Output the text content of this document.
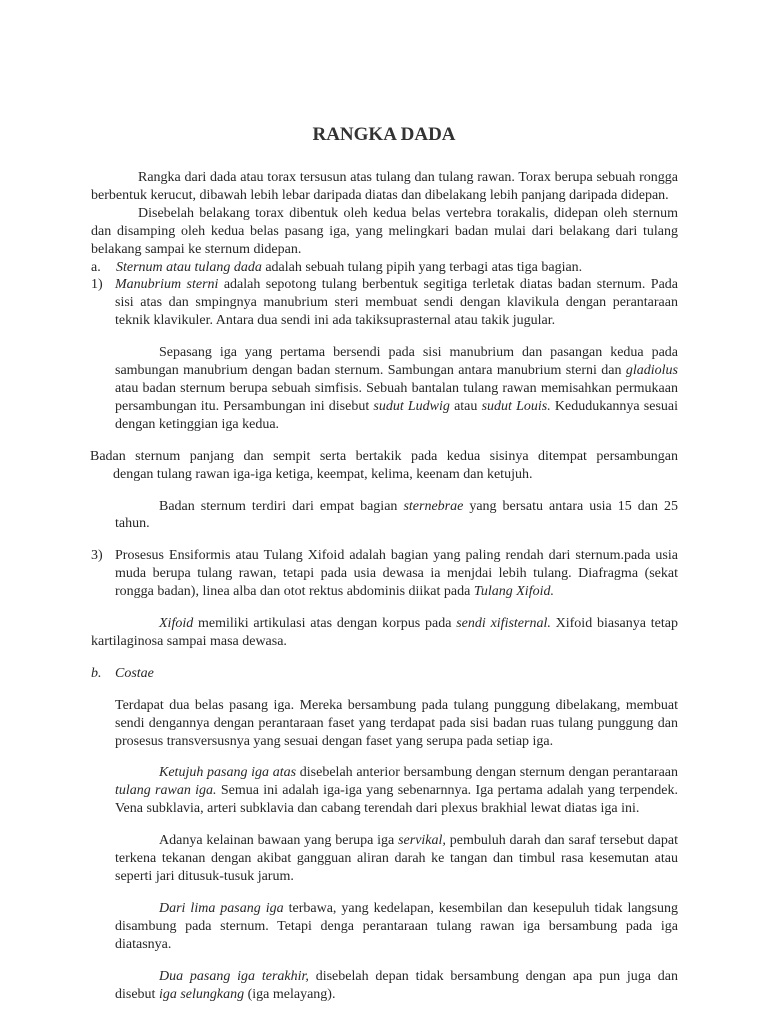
RANGKA DADA

Rangka dari dada atau torax tersusun atas tulang dan tulang rawan. Torax berupa sebuah rongga berbentuk kerucut, dibawah lebih lebar daripada diatas dan dibelakang lebih panjang daripada didepan.

Disebelah belakang torax dibentuk oleh kedua belas vertebra torakalis, didepan oleh sternum dan disamping oleh kedua belas pasang iga, yang melingkari badan mulai dari belakang dari tulang belakang sampai ke sternum didepan.

a. Sternum atau tulang dada adalah sebuah tulang pipih yang terbagi atas tiga bagian.
1) Manubrium sterni adalah sepotong tulang berbentuk segitiga terletak diatas badan sternum. Pada sisi atas dan smpingnya manubrium steri membuat sendi dengan klavikula dengan perantaraan teknik klavikuler. Antara dua sendi ini ada takiksuprasternal atau takik jugular.

Sepasang iga yang pertama bersendi pada sisi manubrium dan pasangan kedua pada sambungan manubrium dengan badan sternum. Sambungan antara manubrium sterni dan gladiolus atau badan sternum berupa sebuah simfisis. Sebuah bantalan tulang rawan memisahkan permukaan persambungan itu. Persambungan ini disebut sudut Ludwig atau sudut Louis. Kedudukannya sesuai dengan ketinggian iga kedua.

Badan sternum panjang dan sempit serta bertakik pada kedua sisinya ditempat persambungan
dengan tulang rawan iga-iga ketiga, keempat, kelima, keenam dan ketujuh.

Badan sternum terdiri dari empat bagian sternebrae yang bersatu antara usia 15 dan 25 tahun.

3) Prosesus Ensiformis atau Tulang Xifoid adalah bagian yang paling rendah dari sternum.pada usia muda berupa tulang rawan, tetapi pada usia dewasa ia menjdai lebih tulang. Diafragma (sekat rongga badan), linea alba dan otot rektus abdominis diikat pada Tulang Xifoid.

Xifoid memiliki artikulasi atas dengan korpus pada sendi xifisternal. Xifoid biasanya tetap kartilaginosa sampai masa dewasa.

b. Costae

Terdapat dua belas pasang iga. Mereka bersambung pada tulang punggung dibelakang, membuat sendi dengannya dengan perantaraan faset yang terdapat pada sisi badan ruas tulang punggung dan prosesus transversusnya yang sesuai dengan faset yang serupa pada setiap iga.

Ketujuh pasang iga atas disebelah anterior bersambung dengan sternum dengan perantaraan tulang rawan iga. Semua ini adalah iga-iga yang sebenarnnya. Iga pertama adalah yang terpendek. Vena subklavia, arteri subklavia dan cabang terendah dari plexus brakhial lewat diatas iga ini.

Adanya kelainan bawaan yang berupa iga servikal, pembuluh darah dan saraf tersebut dapat terkena tekanan dengan akibat gangguan aliran darah ke tangan dan timbul rasa kesemutan atau seperti jari ditusuk-tusuk jarum.

Dari lima pasang iga terbawa, yang kedelapan, kesembilan dan kesepuluh tidak langsung disambung pada sternum. Tetapi denga perantaraan tulang rawan iga bersambung pada iga diatasnya.

Dua pasang iga terakhir, disebelah depan tidak bersambung dengan apa pun juga dan disebut iga selungkang (iga melayang).
